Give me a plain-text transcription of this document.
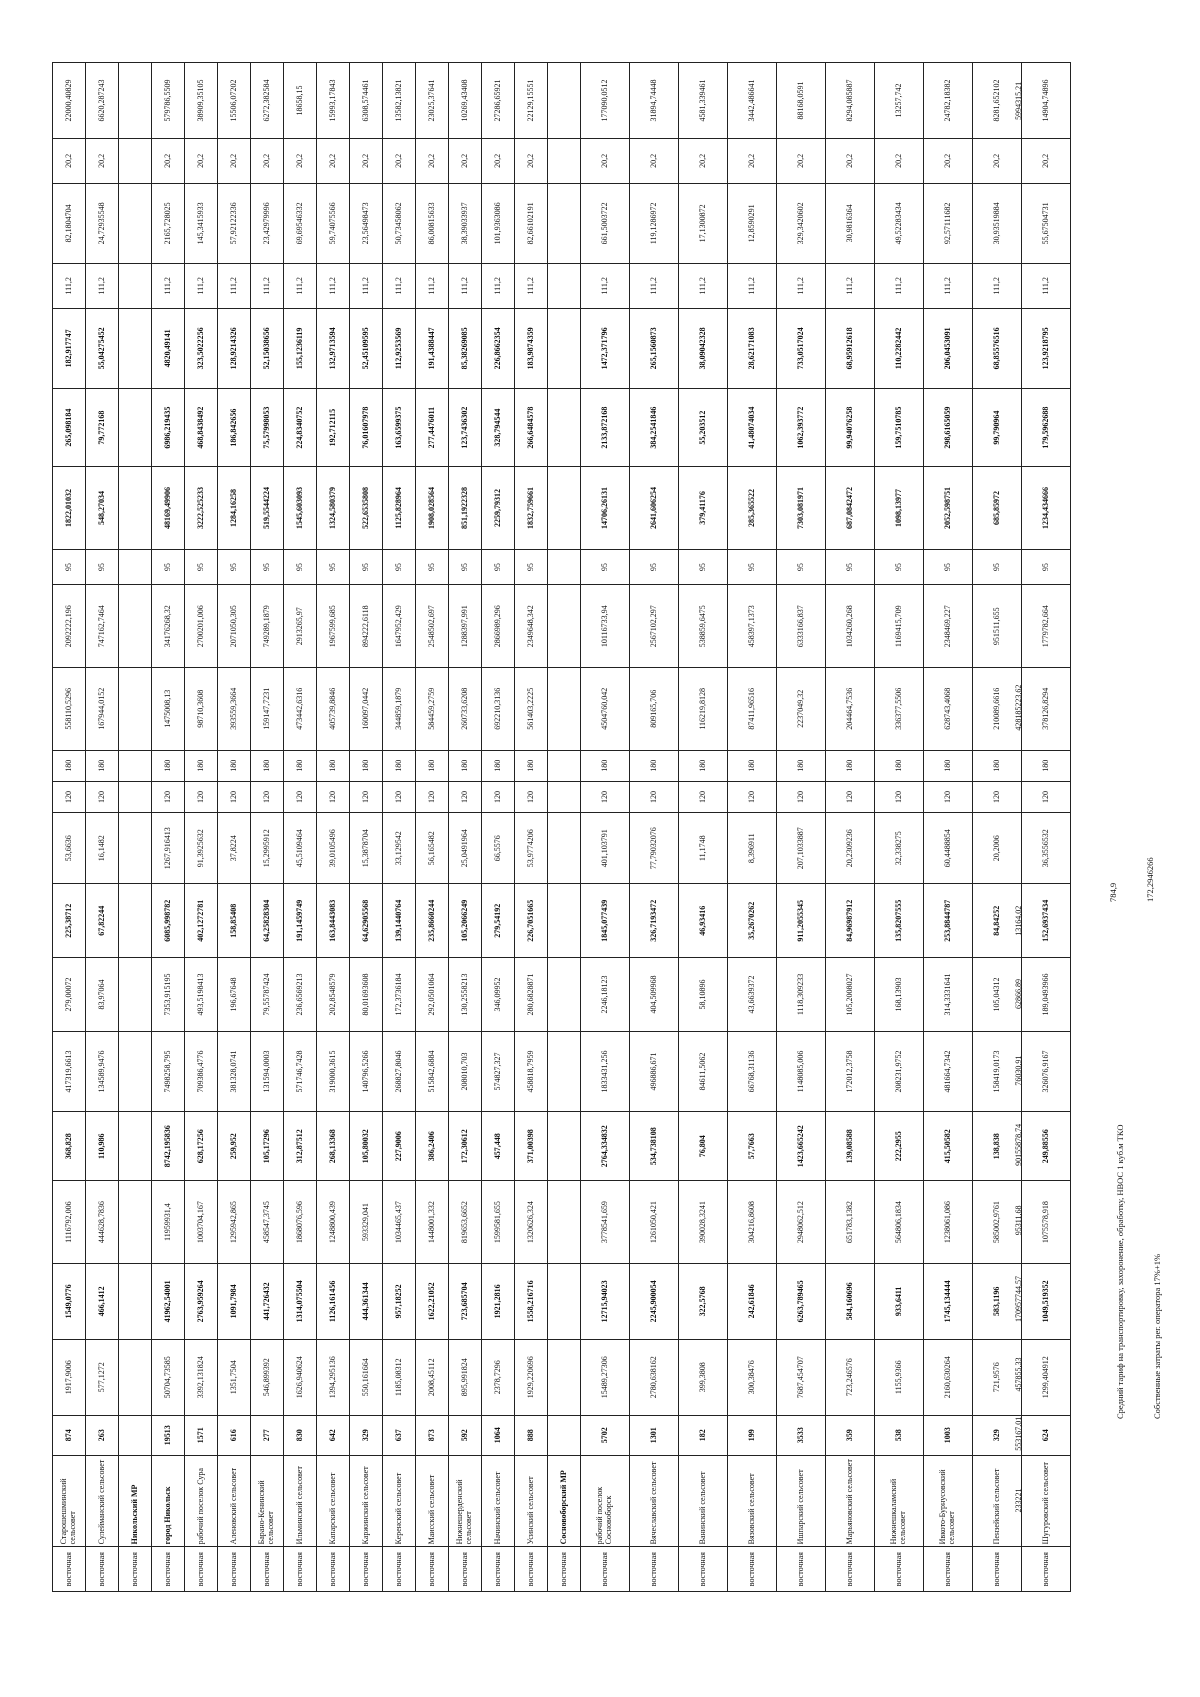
восточная	Старошешминский сельсовет	874	1917,9006	1549,0776	1116792,006	368,828	417319,6613	279,00072	225,38712	53,6636	120	180	558110,5296	2092222,196	95	1822,01032	265,098184	182,917747	111,2	82,1804704	20,2	22000,40829
восточная	Сулейманский сельсовет	263	577,1272	466,1412	444628,7836	110,986	134589,9476	83,97064	67,82244	16,1482	120	180	167944,0152	747162,7464	95	548,27034	79,772168	55,04275452	111,2	24,72935548	20,2	6620,287243
восточная	Никольский МР																					
восточная	город Никольск	19513	50704,73585	41962,54001	11959931,4	8742,195836	7498258,795	7353,915195	6085,998782	1267,916413	120	180	1475008,13	34176268,32	95	48169,49906	6986,219435	4820,49141	111,2	2165,728025	20,2	579786,5509
восточная	рабочий поселок Сура	1571	3392,131824	2763,959264	1003704,167	628,17256	709386,4776	493,5198413	402,1272781	91,3925632	120	180	98710,3608	2700201,006	95	3222,525233	468,8438492	323,5022256	111,2	145,3415933	20,2	38909,35105
восточная	Аленовский сельсовет	616	1351,7504	1091,7984	1295942,865	259,952	381328,0741	196,67648	158,85408	37,8224	120	180	393559,3664	2071050,305	95	1284,16258	186,842656	128,9214326	111,2	57,92122336	20,2	15506,07202
восточная	Барано-Кенинский сельсовет	277	546,899392	441,726432	458547,3745	105,17296	131594,0003	79,55787424	64,25828304	15,2995912	120	180	159147,7231	749289,1879	95	519,5544224	75,57998053	52,15038656	111,2	23,42979996	20,2	6272,382584
восточная	Ильминский сельсовет	830	1626,940624	1314,075504	1868076,596	312,87512	571746,7428	236,6569213	191,1459749	45,5109464	120	180	473442,6316	2913265,97	95	1545,603093	224,8340752	155,1236119	111,2	69,69546332	20,2	18658,15
восточная	Капарский сельсовет	642	1394,295136	1126,161456	1248800,439	268,13368	319000,3615	202,8548579	163,8443083	39,0105496	120	180	405739,8846	1967599,685	95	1324,580379	192,712115	132,9713594	111,2	59,74075566	20,2	15993,17843
восточная	Каржинский сельсовет	329	550,161664	444,361344	593329,041	105,80032	140796,5266	80,01693608	64,62905568	15,3878704	120	180	160097,0442	894222,6118	95	522,6535808	76,01607978	52,45109595	111,2	23,56498473	20,2	6308,574461
восточная	Керенский сельсовет	637	1185,08312	957,18252	1034465,437	227,9006	268827,8046	172,3736184	139,1440764	33,129542	120	180	344859,1879	1647952,429	95	1125,828964	163,6599375	112,9253569	111,2	50,73458062	20,2	13582,13821
восточная	Маисский сельсовет	873	2008,45112	1622,21052	1448001,332	386,2406	515842,6884	292,0501064	235,8660244	56,165482	120	180	584459,2759	2548502,697	95	1908,028564	277,4476011	191,4388447	111,2	86,00815633	20,2	23025,37641
восточная	Нижнешерденский сельсовет	592	895,991824	723,685704	819653,6652	172,30612	208010,703	130,2558213	105,2066249	25,0491964	120	180	260733,6208	1288397,991	95	851,1922328	123,7436302	85,38269085	111,2	38,39033937	20,2	10269,43408
восточная	Начинский сельсовет	1064	2378,7296	1921,2816	1599581,655	457,448	574827,327	346,09952	279,54192	66,5576	120	180	692210,3136	2866989,296	95	2259,79312	328,794544	226,8662354	111,2	101,9363086	20,2	27286,65921
восточная	Усинский сельсовет	888	1929,220696	1558,216716	1320626,324	371,00398	458818,7959	280,6828871	226,7051665	53,9774206	120	180	561403,2225	2349648,342	95	1832,759661	266,6484578	183,9874359	111,2	82,66102191	20,2	22129,15551
восточная	Сосновоборский МР																					
восточная	рабочий поселок Сосновоборск	5702	15489,27306	12715,94023	3778541,659	2764,334832	1833431,256	2246,18123	1845,077439	401,103791	120	180	4504760,042	10116733,94	95	14706,26131	2133,872168	1472,371796	111,2	661,5003722	20,2	177090,0512
восточная	Вячеславский сельсовет	1301	2780,638162	2245,900054	1261050,421	534,738108	496886,671	404,509968	326,7193472	77,79032076	120	180	809165,706	2567102,297	95	2641,606254	384,2541846	265,1560873	111,2	119,1286972	20,2	31894,74448
восточная	Ванинский сельсовет	182	399,3808	322,5768	390028,3241	76,804	84611,5062	58,10896	46,93416	11,1748	120	180	116219,8128	538859,6475	95	379,41176	55,203512	38,09042328	111,2	17,1300872	20,2	4581,339461
восточная	Вязовский сельсовет	199	300,38476	242,61846	304216,8608	57,7663	66768,31136	43,6639372	35,2670262	8,396911	120	180	87411,96516	458397,1373	95	285,365522	41,48074034	28,62171083	111,2	12,8590291	20,2	3442,486641
восточная	Ишпарский сельсовет	3533	7687,454707	6263,789465	2948062,512	1423,665242	1148085,006	1118,309233	911,2055345	207,1033887	120	180	2237049,32	6333166,837	95	7303,081971	1062,393772	733,0517024	111,2	329,3420602	20,2	88168,0591
восточная	Марьяновский сельсовет	359	723,246576	584,160696	651783,1382	139,08588	172012,3758	105,2008027	84,96987912	20,2309236	120	180	204464,7536	1034260,268	95	687,0842472	99,94076258	68,95912618	111,2	30,9816364	20,2	8294,085887
восточная	Нижнешкаламский сельсовет	538	1155,9366	933,6411	564806,1834	222,2955	208231,9752	168,13903	135,8207555	32,338275	120	180	336377,5506	1169415,709	95	1098,13977	159,7510785	110,2282442	111,2	49,52283434	20,2	13257,742
восточная	Ивкото-Бурнусовский сельсовет	1003	2160,630264	1745,134444	1238061,086	415,50582	481664,7342	314,3331641	253,8844787	60,4488854	120	180	628743,4068	2348469,227	95	2052,598751	298,6165059	206,0453091	111,2	92,57111682	20,2	24782,18382
восточная	Пензейский сельсовет	329	721,9576	583,1196	585002,9761	138,838	158419,0173	105,04312	84,84252	20,2006	120	180	210089,6616	951511,655	95	685,85972	99,790964	68,85576516	111,2	30,93519884	20,2	8281,652102
восточная	Шугуровский сельсовет	624	1299,404912	1049,519352	1075578,918	249,88556	326076,9167	189,0493966	152,6937434	36,3556532	120	180	378126,8294	1779782,664	95	1234,434666	179,5962688	123,9218795	111,2	55,67504731	20,2	14904,74896
	233221	553167,01	457855,33	170957744,57	95311,68	90155878,74	76030,91	62866,89	13164,02				428185223,62									5994315,21
Средний тариф на транспортировку, захоронение, обработку, НВОС 1 куб.м ТКО
784,9
Собственные затраты рег. оператора 17%+1%
172,2946266
